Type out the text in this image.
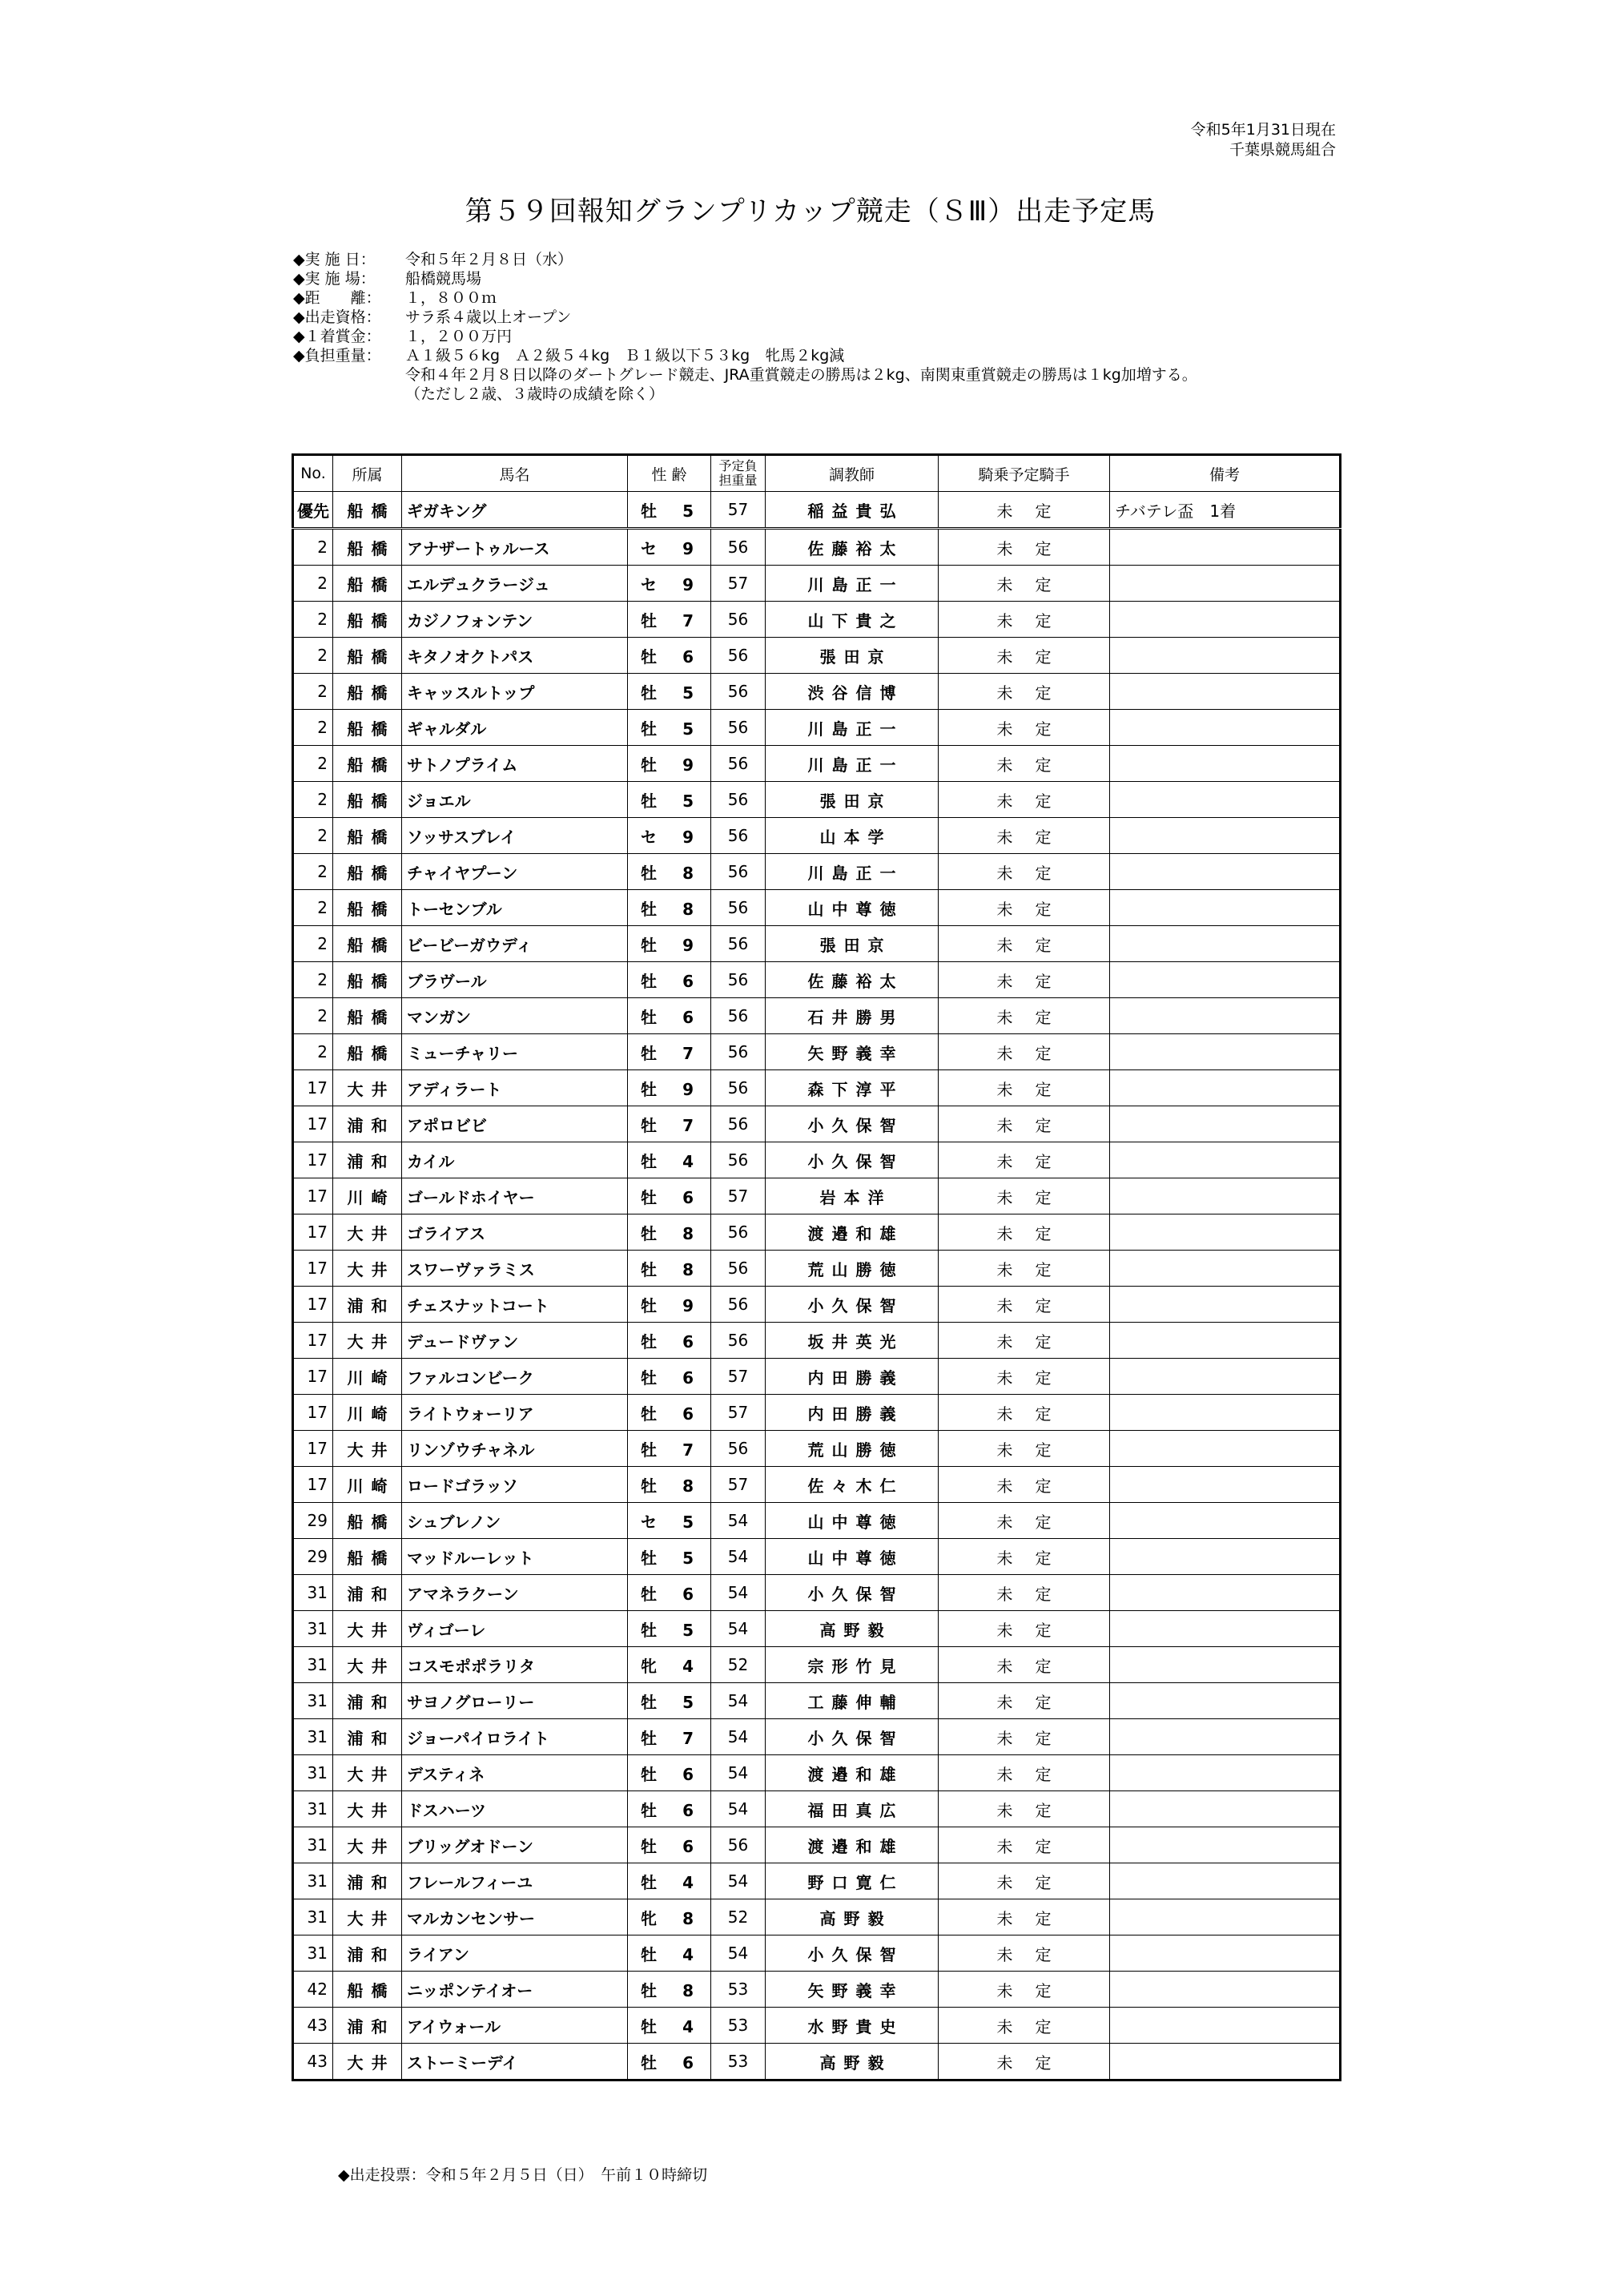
令和5年1月31日現在
千葉県競馬組合
第５９回報知グランプリカップ競走（ＳⅢ）出走予定馬
◆実 施 日：	令和５年２月８日（水）
◆実 施 場：	船橋競馬場
◆距　　離：	１，８００ｍ
◆出走資格：	サラ系４歳以上オープン
◆１着賞金：	１，２００万円
◆負担重量：	Ａ１級５６kg　Ａ２級５４kg　Ｂ１級以下５３kg　牝馬２kg減
令和４年２月８日以降のダートグレード競走、JRA重賞競走の勝馬は２kg、南関東重賞競走の勝馬は１kg加増する。
（ただし２歳、３歳時の成績を除く）
No.	所属	馬名	性 齢	予定負担重量	調教師	騎乗予定騎手	備考
優先	船橋	ギガキング	牡 5	57	稲益貴弘	未定	チバテレ盃　1着
2	船橋	アナザートゥルース	セ 9	56	佐藤裕太	未定	
2	船橋	エルデュクラージュ	セ 9	57	川島正一	未定	
2	船橋	カジノフォンテン	牡 7	56	山下貴之	未定	
2	船橋	キタノオクトパス	牡 6	56	張田京	未定	
2	船橋	キャッスルトップ	牡 5	56	渋谷信博	未定	
2	船橋	ギャルダル	牡 5	56	川島正一	未定	
2	船橋	サトノプライム	牡 9	56	川島正一	未定	
2	船橋	ジョエル	牡 5	56	張田京	未定	
2	船橋	ソッサスブレイ	セ 9	56	山本学	未定	
2	船橋	チャイヤプーン	牡 8	56	川島正一	未定	
2	船橋	トーセンブル	牡 8	56	山中尊徳	未定	
2	船橋	ビービーガウディ	牡 9	56	張田京	未定	
2	船橋	ブラヴール	牡 6	56	佐藤裕太	未定	
2	船橋	マンガン	牡 6	56	石井勝男	未定	
2	船橋	ミューチャリー	牡 7	56	矢野義幸	未定	
17	大井	アディラート	牡 9	56	森下淳平	未定	
17	浦和	アポロビビ	牡 7	56	小久保智	未定	
17	浦和	カイル	牡 4	56	小久保智	未定	
17	川崎	ゴールドホイヤー	牡 6	57	岩本洋	未定	
17	大井	ゴライアス	牡 8	56	渡邉和雄	未定	
17	大井	スワーヴァラミス	牡 8	56	荒山勝徳	未定	
17	浦和	チェスナットコート	牡 9	56	小久保智	未定	
17	大井	デュードヴァン	牡 6	56	坂井英光	未定	
17	川崎	ファルコンビーク	牡 6	57	内田勝義	未定	
17	川崎	ライトウォーリア	牡 6	57	内田勝義	未定	
17	大井	リンゾウチャネル	牡 7	56	荒山勝徳	未定	
17	川崎	ロードゴラッソ	牡 8	57	佐々木仁	未定	
29	船橋	シュブレノン	セ 5	54	山中尊徳	未定	
29	船橋	マッドルーレット	牡 5	54	山中尊徳	未定	
31	浦和	アマネラクーン	牡 6	54	小久保智	未定	
31	大井	ヴィゴーレ	牡 5	54	高野毅	未定	
31	大井	コスモポポラリタ	牝 4	52	宗形竹見	未定	
31	浦和	サヨノグローリー	牡 5	54	工藤伸輔	未定	
31	浦和	ジョーパイロライト	牡 7	54	小久保智	未定	
31	大井	デスティネ	牡 6	54	渡邉和雄	未定	
31	大井	ドスハーツ	牡 6	54	福田真広	未定	
31	大井	ブリッグオドーン	牡 6	56	渡邉和雄	未定	
31	浦和	フレールフィーユ	牡 4	54	野口寛仁	未定	
31	大井	マルカンセンサー	牝 8	52	高野毅	未定	
31	浦和	ライアン	牡 4	54	小久保智	未定	
42	船橋	ニッポンテイオー	牡 8	53	矢野義幸	未定	
43	浦和	アイウォール	牡 4	53	水野貴史	未定	
43	大井	ストーミーデイ	牡 6	53	高野毅	未定	
◆出走投票：令和５年２月５日（日）　午前１０時締切
